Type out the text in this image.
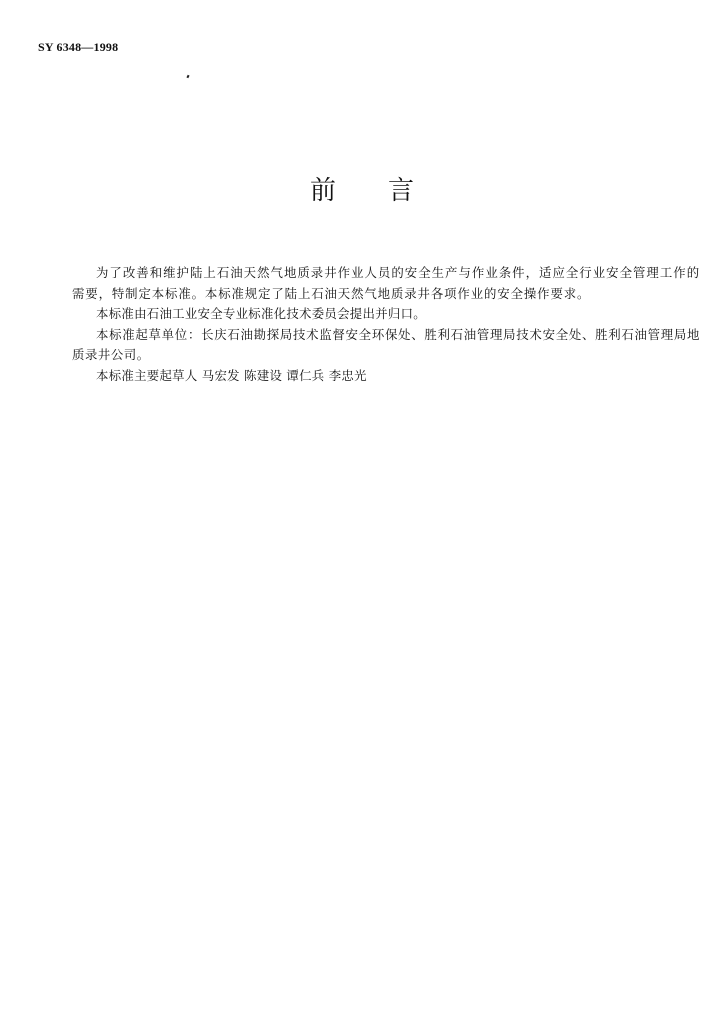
SY 6348—1998
前 言

为了改善和维护陆上石油天然气地质录井作业人员的安全生产与作业条件，适应全行业安全管理工作的需要，特制定本标准。本标准规定了陆上石油天然气地质录井各项作业的安全操作要求。

本标准由石油工业安全专业标准化技术委员会提出并归口。

本标准起草单位：长庆石油勘探局技术监督安全环保处、胜利石油管理局技术安全处、胜利石油管理局地质录井公司。

本标准主要起草人 马宏发 陈建设 谭仁兵 李忠光
